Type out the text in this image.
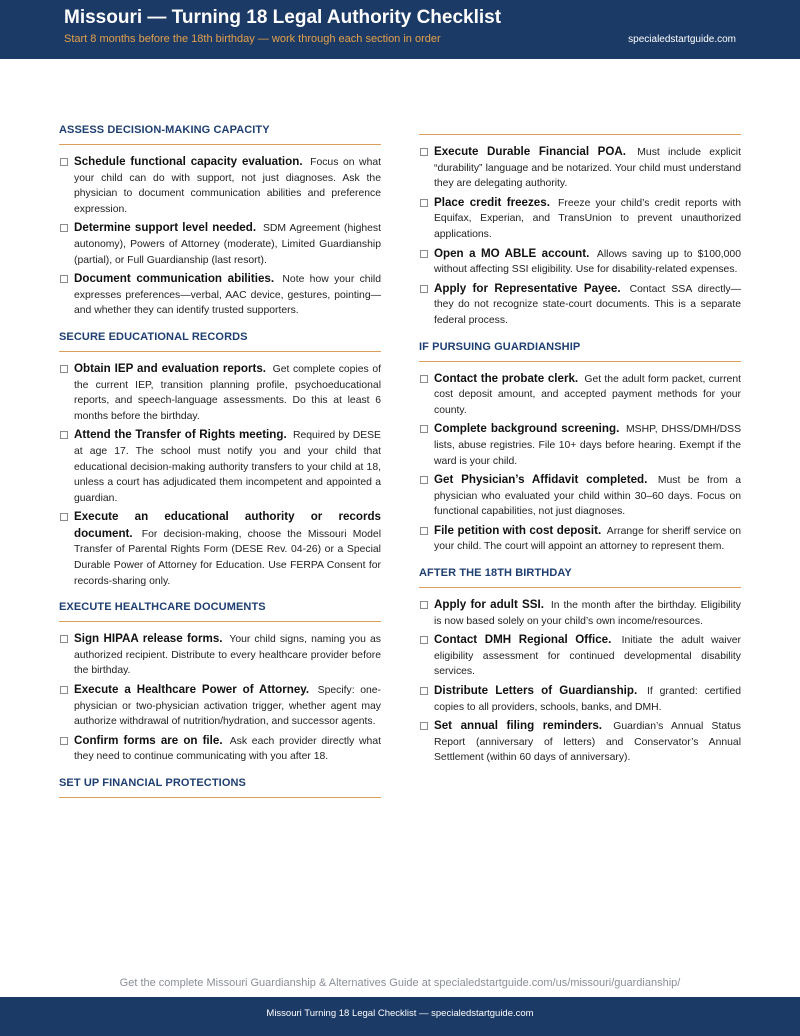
Missouri — Turning 18 Legal Authority Checklist
Start 8 months before the 18th birthday — work through each section in order	specialedstartguide.com
ASSESS DECISION-MAKING CAPACITY
Schedule functional capacity evaluation. Focus on what your child can do with support, not just diagnoses. Ask the physician to document communication abilities and preference expression.
Determine support level needed. SDM Agreement (highest autonomy), Powers of Attorney (moderate), Limited Guardianship (partial), or Full Guardianship (last resort).
Document communication abilities. Note how your child expresses preferences—verbal, AAC device, gestures, pointing—and whether they can identify trusted supporters.
SECURE EDUCATIONAL RECORDS
Obtain IEP and evaluation reports. Get complete copies of the current IEP, transition planning profile, psychoeducational reports, and speech-language assessments. Do this at least 6 months before the birthday.
Attend the Transfer of Rights meeting. Required by DESE at age 17. The school must notify you and your child that educational decision-making authority transfers to your child at 18, unless a court has adjudicated them incompetent and appointed a guardian.
Execute an educational authority or records document. For decision-making, choose the Missouri Model Transfer of Parental Rights Form (DESE Rev. 04-26) or a Special Durable Power of Attorney for Education. Use FERPA Consent for records-sharing only.
EXECUTE HEALTHCARE DOCUMENTS
Sign HIPAA release forms. Your child signs, naming you as authorized recipient. Distribute to every healthcare provider before the birthday.
Execute a Healthcare Power of Attorney. Specify: one-physician or two-physician activation trigger, whether agent may authorize withdrawal of nutrition/hydration, and successor agents.
Confirm forms are on file. Ask each provider directly what they need to continue communicating with you after 18.
SET UP FINANCIAL PROTECTIONS
Execute Durable Financial POA. Must include explicit “durability” language and be notarized. Your child must understand they are delegating authority.
Place credit freezes. Freeze your child’s credit reports with Equifax, Experian, and TransUnion to prevent unauthorized applications.
Open a MO ABLE account. Allows saving up to $100,000 without affecting SSI eligibility. Use for disability-related expenses.
Apply for Representative Payee. Contact SSA directly—they do not recognize state-court documents. This is a separate federal process.
IF PURSUING GUARDIANSHIP
Contact the probate clerk. Get the adult form packet, current cost deposit amount, and accepted payment methods for your county.
Complete background screening. MSHP, DHSS/DMH/DSS lists, abuse registries. File 10+ days before hearing. Exempt if the ward is your child.
Get Physician’s Affidavit completed. Must be from a physician who evaluated your child within 30–60 days. Focus on functional capabilities, not just diagnoses.
File petition with cost deposit. Arrange for sheriff service on your child. The court will appoint an attorney to represent them.
AFTER THE 18TH BIRTHDAY
Apply for adult SSI. In the month after the birthday. Eligibility is now based solely on your child’s own income/resources.
Contact DMH Regional Office. Initiate the adult waiver eligibility assessment for continued developmental disability services.
Distribute Letters of Guardianship. If granted: certified copies to all providers, schools, banks, and DMH.
Set annual filing reminders. Guardian’s Annual Status Report (anniversary of letters) and Conservator’s Annual Settlement (within 60 days of anniversary).
Get the complete Missouri Guardianship & Alternatives Guide at specialedstartguide.com/us/missouri/guardianship/
Missouri Turning 18 Legal Checklist — specialedstartguide.com
